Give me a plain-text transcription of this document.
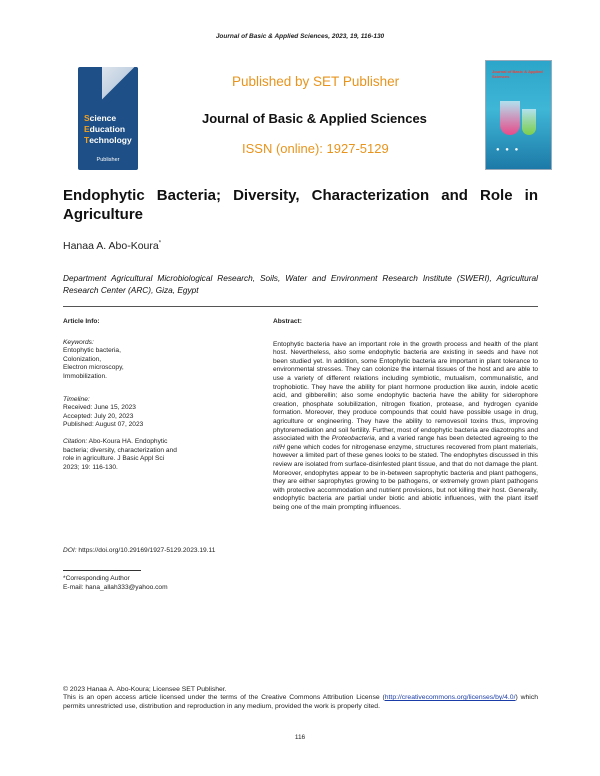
Journal of Basic & Applied Sciences, 2023, 19, 116-130
Science
Education
Technology
Publisher
Published by SET Publisher
Journal of Basic & Applied Sciences
ISSN (online): 1927-5129
Journal of Basic & Applied Sciences
● ● ●
Endophytic Bacteria; Diversity, Characterization and Role in Agriculture
Hanaa A. Abo-Koura*
Department Agricultural Microbiological Research, Soils, Water and Environment Research Institute (SWERI), Agricultural Research Center (ARC), Giza, Egypt
Article Info:
Keywords:
Entophytic bacteria,
Colonization,
Electron microscopy,
Immobilization.
Timeline:
Received: June 15, 2023
Accepted: July 20, 2023
Published: August 07, 2023
Citation: Abo-Koura HA. Endophytic
bacteria; diversity, characterization and
role in agriculture. J Basic Appl Sci
2023; 19: 116-130.
DOI: https://doi.org/10.29169/1927-5129.2023.19.11
*Corresponding Author
E-mail: hana_allah333@yahoo.com
Abstract:
Entophytic bacteria have an important role in the growth process and health of the plant host. Nevertheless, also some endophytic bacteria are existing in seeds and have not been studied yet. In addition, some Entophytic bacteria are important in plant tolerance to environmental stresses. They can colonize the internal tissues of the host and are able to use a variety of different relations including symbiotic, mutualism, communalistic, and trophobiotic. They have the ability for plant hormone production like auxin, indole acetic acid, and gibberellin; also some endophytic bacteria have the ability for siderophore creation, phosphate solubilization, nitrogen fixation, protease, and hydrogen cyanide formation. Moreover, they produce compounds that could have possible usage in drug, agriculture or engineering. They have the ability to removesoil toxins thus, improving phytoremediation and soil fertility. Further, most of endophytic bacteria are diazotrophs and associated with the Proteobacteria, and a varied range has been detected agreeing to the nifH gene which codes for nitrogenase enzyme, structures recovered from plant materials, however a limited part of these genes looks to be stated. The endophytes discussed in this review are isolated from surface-disinfested plant tissue, and that do not damage the plant. Moreover, endophytes appear to be in-between saprophytic bacteria and plant pathogens, they are either saprophytes growing to be pathogens, or extremely grown plant pathogens with protective accommodation and nutrient provisions, but not killing their host. Generally, endophytic bacteria are partial under biotic and abiotic influences, with the plant itself being one of the main prompting influences.
© 2023 Hanaa A. Abo-Koura; Licensee SET Publisher.
This is an open access article licensed under the terms of the Creative Commons Attribution License (http://creativecommons.org/licenses/by/4.0/) which permits unrestricted use, distribution and reproduction in any medium, provided the work is properly cited.
116
